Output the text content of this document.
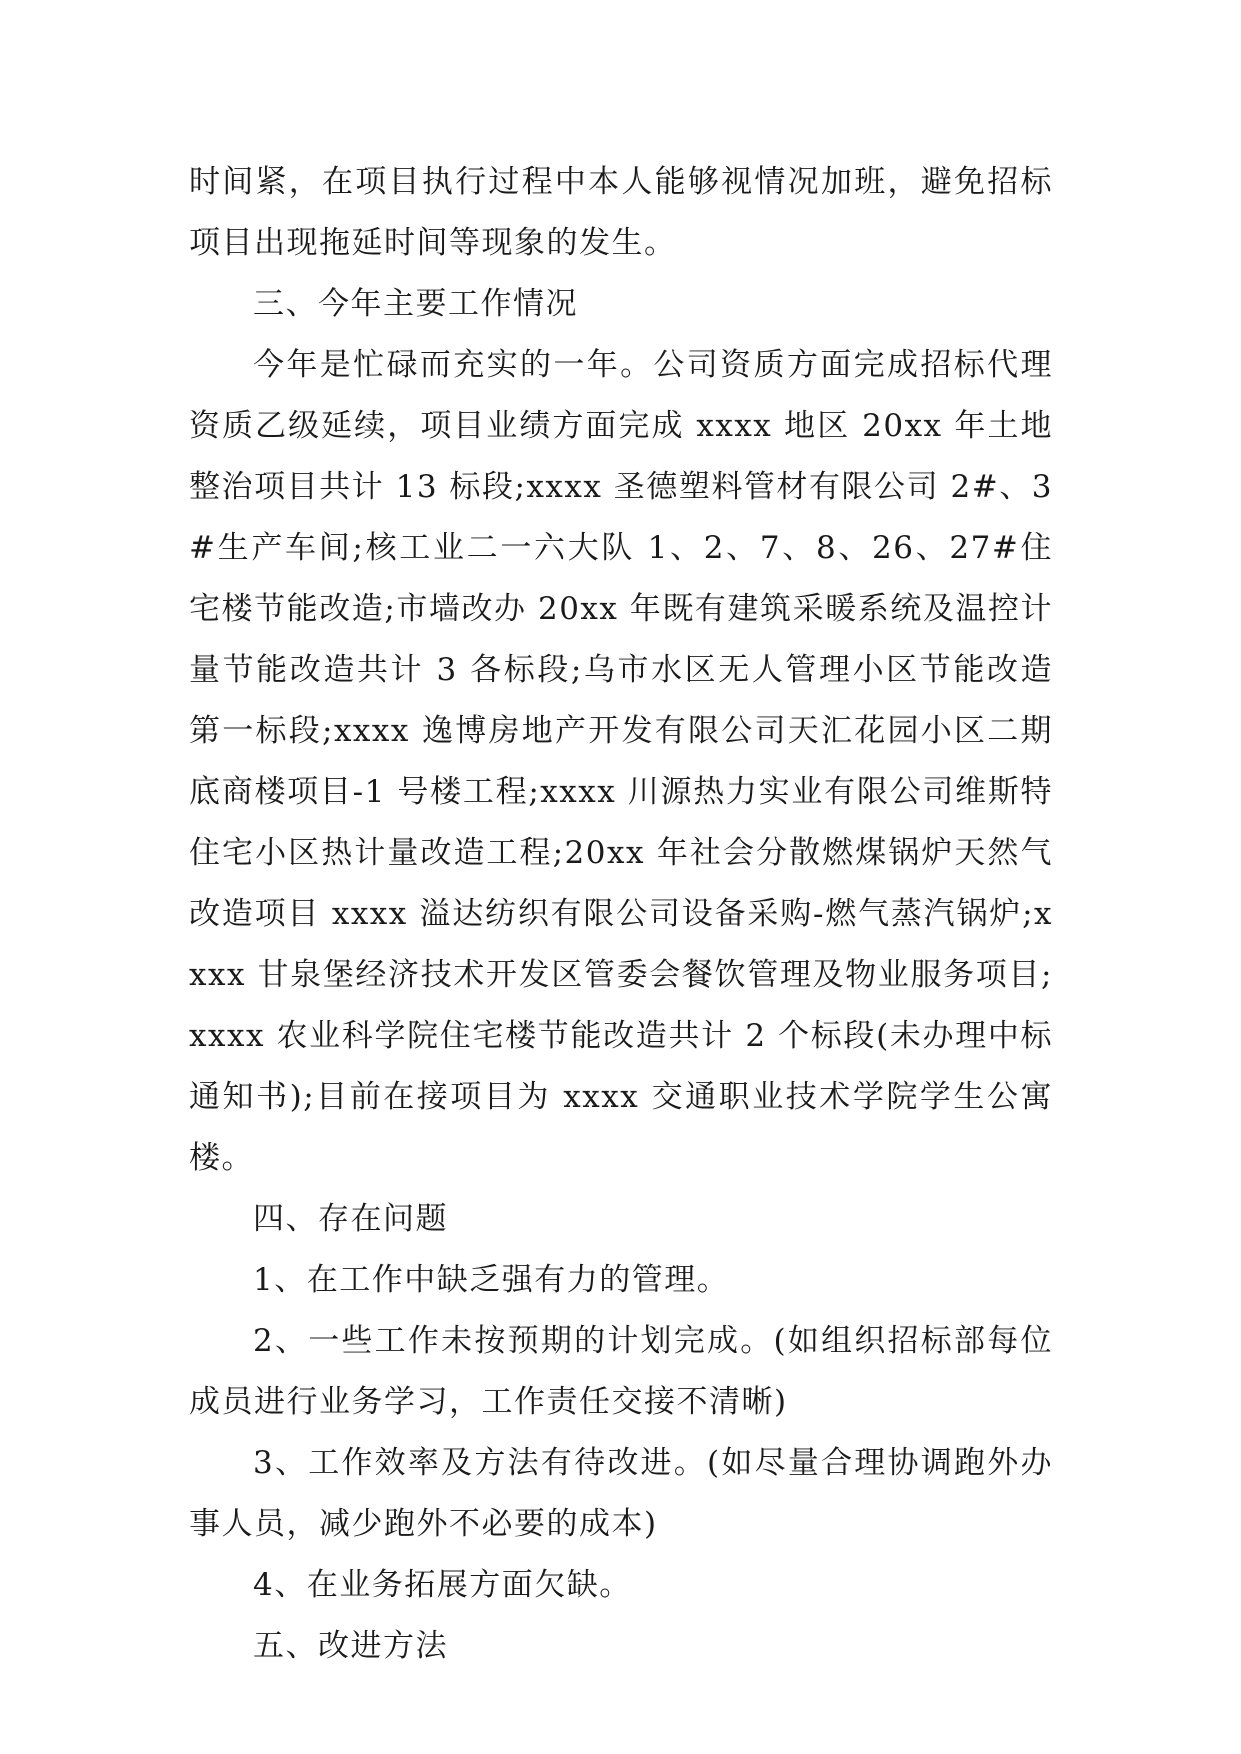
时间紧，在项目执行过程中本人能够视情况加班，避免招标项目出现拖延时间等现象的发生。

三、今年主要工作情况

今年是忙碌而充实的一年。公司资质方面完成招标代理资质乙级延续，项目业绩方面完成 xxxx 地区 20xx 年土地整治项目共计 13 标段;xxxx 圣德塑料管材有限公司 2#、3#生产车间;核工业二一六大队 1、2、7、8、26、27#住宅楼节能改造;市墙改办 20xx 年既有建筑采暖系统及温控计量节能改造共计 3 各标段;乌市水区无人管理小区节能改造第一标段;xxxx 逸博房地产开发有限公司天汇花园小区二期底商楼项目-1 号楼工程;xxxx 川源热力实业有限公司维斯特住宅小区热计量改造工程;20xx 年社会分散燃煤锅炉天然气改造项目 xxxx 溢达纺织有限公司设备采购-燃气蒸汽锅炉;xxxx 甘泉堡经济技术开发区管委会餐饮管理及物业服务项目;xxxx 农业科学院住宅楼节能改造共计 2 个标段(未办理中标通知书);目前在接项目为 xxxx 交通职业技术学院学生公寓楼。

四、存在问题

1、在工作中缺乏强有力的管理。

2、一些工作未按预期的计划完成。(如组织招标部每位成员进行业务学习，工作责任交接不清晰)

3、工作效率及方法有待改进。(如尽量合理协调跑外办事人员，减少跑外不必要的成本)

4、在业务拓展方面欠缺。

五、改进方法
